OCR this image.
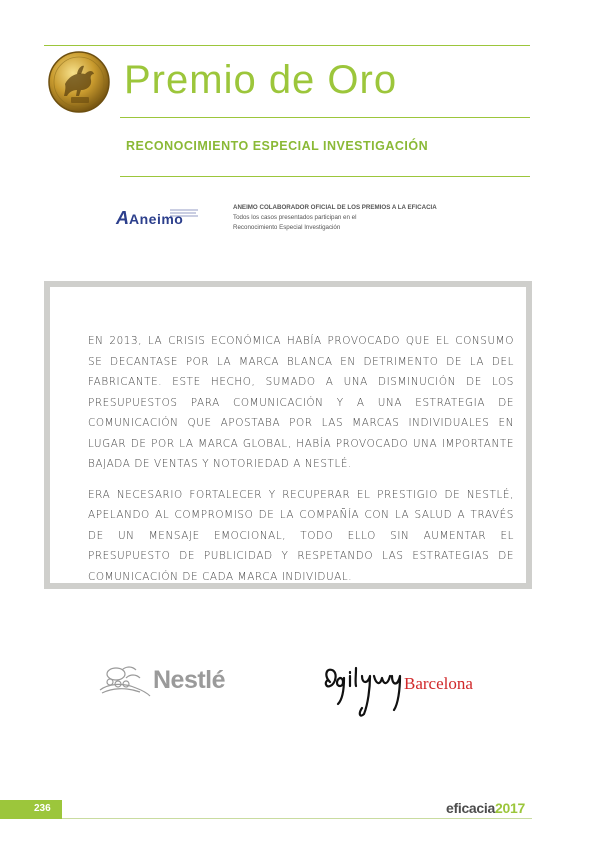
Premio de Oro
RECONOCIMIENTO ESPECIAL INVESTIGACIÓN
A Aneimo
ANEIMO COLABORADOR OFICIAL DE LOS PREMIOS A LA EFICACIA
Todos los casos presentados participan en el
Reconocimiento Especial Investigación

EN 2013, LA CRISIS ECONÓMICA HABÍA PROVOCADO QUE EL CONSUMO SE DECANTASE POR LA MARCA BLANCA EN DETRIMENTO DE LA DEL FABRICANTE. ESTE HECHO, SUMADO A UNA DISMINUCIÓN DE LOS PRESUPUESTOS PARA COMUNICACIÓN Y A UNA ESTRATEGIA DE COMUNICACIÓN QUE APOSTABA POR LAS MARCAS INDIVIDUALES EN LUGAR DE POR LA MARCA GLOBAL, HABÍA PROVOCADO UNA IMPORTANTE BAJADA DE VENTAS Y NOTORIEDAD A NESTLÉ.

ERA NECESARIO FORTALECER Y RECUPERAR EL PRESTIGIO DE NESTLÉ, APELANDO AL COMPROMISO DE LA COMPAÑÍA CON LA SALUD A TRAVÉS DE UN MENSAJE EMOCIONAL, TODO ELLO SIN AUMENTAR EL PRESUPUESTO DE PUBLICIDAD Y RESPETANDO LAS ESTRATEGIAS DE COMUNICACIÓN DE CADA MARCA INDIVIDUAL.

Nestlé	Barcelona
236	eficacia2017
